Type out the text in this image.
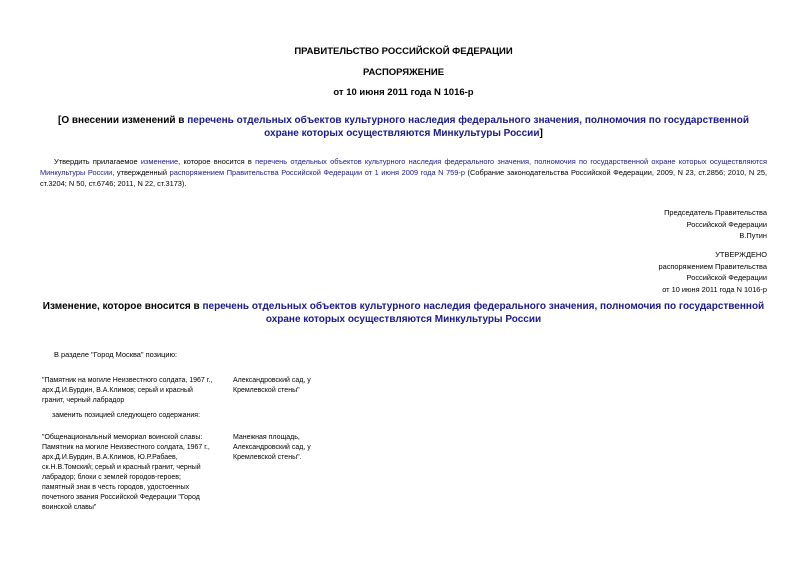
ПРАВИТЕЛЬСТВО РОССИЙСКОЙ ФЕДЕРАЦИИ
РАСПОРЯЖЕНИЕ
от 10 июня 2011 года N 1016-р
[О внесении изменений в перечень отдельных объектов культурного наследия федерального значения, полномочия по государственной охране которых осуществляются Минкультуры России]
Утвердить прилагаемое изменение, которое вносится в перечень отдельных объектов культурного наследия федерального значения, полномочия по государственной охране которых осуществляются Минкультуры России, утвержденный распоряжением Правительства Российской Федерации от 1 июня 2009 года N 759-р (Собрание законодательства Российской Федерации, 2009, N 23, ст.2856; 2010, N 25, ст.3204; N 50, ст.6746; 2011, N 22, ст.3173).
Председатель Правительства
Российской Федерации
В.Путин
УТВЕРЖДЕНО
распоряжением Правительства
Российской Федерации
от 10 июня 2011 года N 1016-р
Изменение, которое вносится в перечень отдельных объектов культурного наследия федерального значения, полномочия по государственной охране которых осуществляются Минкультуры России
В разделе "Город Москва" позицию:
"Памятник на могиле Неизвестного солдата, 1967 г., арх.Д.И.Бурдин, В.А.Климов; серый и красный гранит, черный лабрадор
Александровский сад, у Кремлевской стены"
заменить позицией следующего содержания:
"Общенациональный мемориал воинской славы: Памятник на могиле Неизвестного солдата, 1967 г., арх.Д.И.Бурдин, В.А.Климов, Ю.Р.Рабаев, ск.Н.В.Томский; серый и красный гранит, черный лабрадор; блоки с землей городов-героев; памятный знак в честь городов, удостоенных почетного звания Российской Федерации "Город воинской славы"
Манежная площадь, Александровский сад, у Кремлевской стены".
